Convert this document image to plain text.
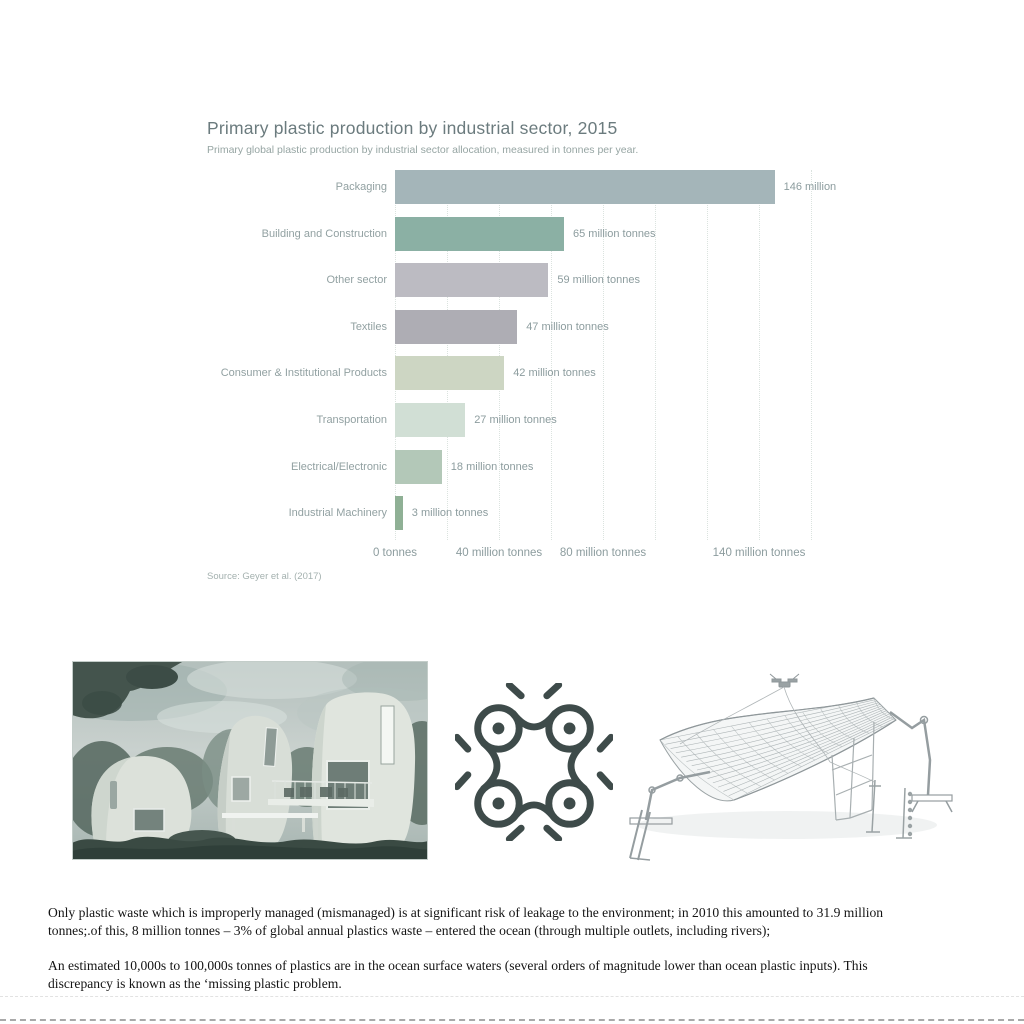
Primary plastic production by industrial sector, 2015
Primary global plastic production by industrial sector allocation, measured in tonnes per year.
Packaging	146 million
Building and Construction	65 million tonnes
Other sector	59 million tonnes
Textiles	47 million tonnes
Consumer & Institutional Products	42 million tonnes
Transportation	27 million tonnes
Electrical/Electronic	18 million tonnes
Industrial Machinery	3 million tonnes
0 tonnes	40 million tonnes 80 million tonnes	140 million tonnes
Source: Geyer et al. (2017)
Only plastic waste which is improperly managed (mismanaged) is at significant risk of leakage to the environment; in 2010 this amounted to 31.9 million
tonnes;.of this, 8 million tonnes – 3% of global annual plastics waste – entered the ocean (through multiple outlets, including rivers);
An estimated 10,000s to 100,000s tonnes of plastics are in the ocean surface waters (several orders of magnitude lower than ocean plastic inputs). This
discrepancy is known as the ‘missing plastic problem.
